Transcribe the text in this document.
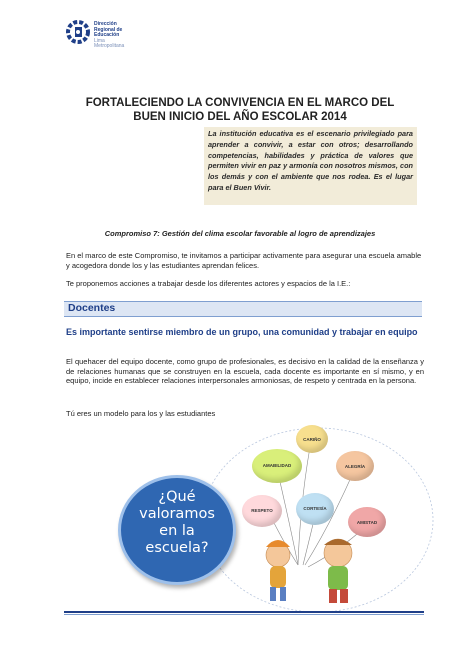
Dirección
Regional de
Educación
Lima
Metropolitana
FORTALECIENDO LA CONVIVENCIA EN EL MARCO DEL
BUEN INICIO DEL AÑO ESCOLAR 2014
La institución educativa es el escenario privilegiado para aprender a convivir, a estar con otros; desarrollando competencias, habilidades y práctica de valores que permiten vivir en paz y armonía con nosotros mismos, con los demás y con el ambiente que nos rodea. Es el lugar para el Buen Vivir.
Compromiso 7: Gestión del clima escolar favorable al logro de aprendizajes
En el marco de este Compromiso, te invitamos a participar activamente para asegurar una escuela amable y acogedora donde los y las estudiantes aprendan felices.
Te proponemos acciones a trabajar desde los diferentes actores y espacios de la I.E.:
Docentes
Es importante sentirse miembro de un grupo, una comunidad y trabajar en equipo
El quehacer del equipo docente, como grupo de profesionales, es decisivo en la calidad de la enseñanza y de relaciones humanas que se construyen en la escuela, cada docente es importante en sí mismo, y en equipo, incide en establecer relaciones interpersonales armoniosas, de respeto y centrada en la persona.
Tú eres un modelo para los y las estudiantes
CARIÑO
AMABILIDAD	ALEGRÍA
RESPETO	CORTESÍA
AMISTAD
¿Qué
valoramos
en la
escuela?
